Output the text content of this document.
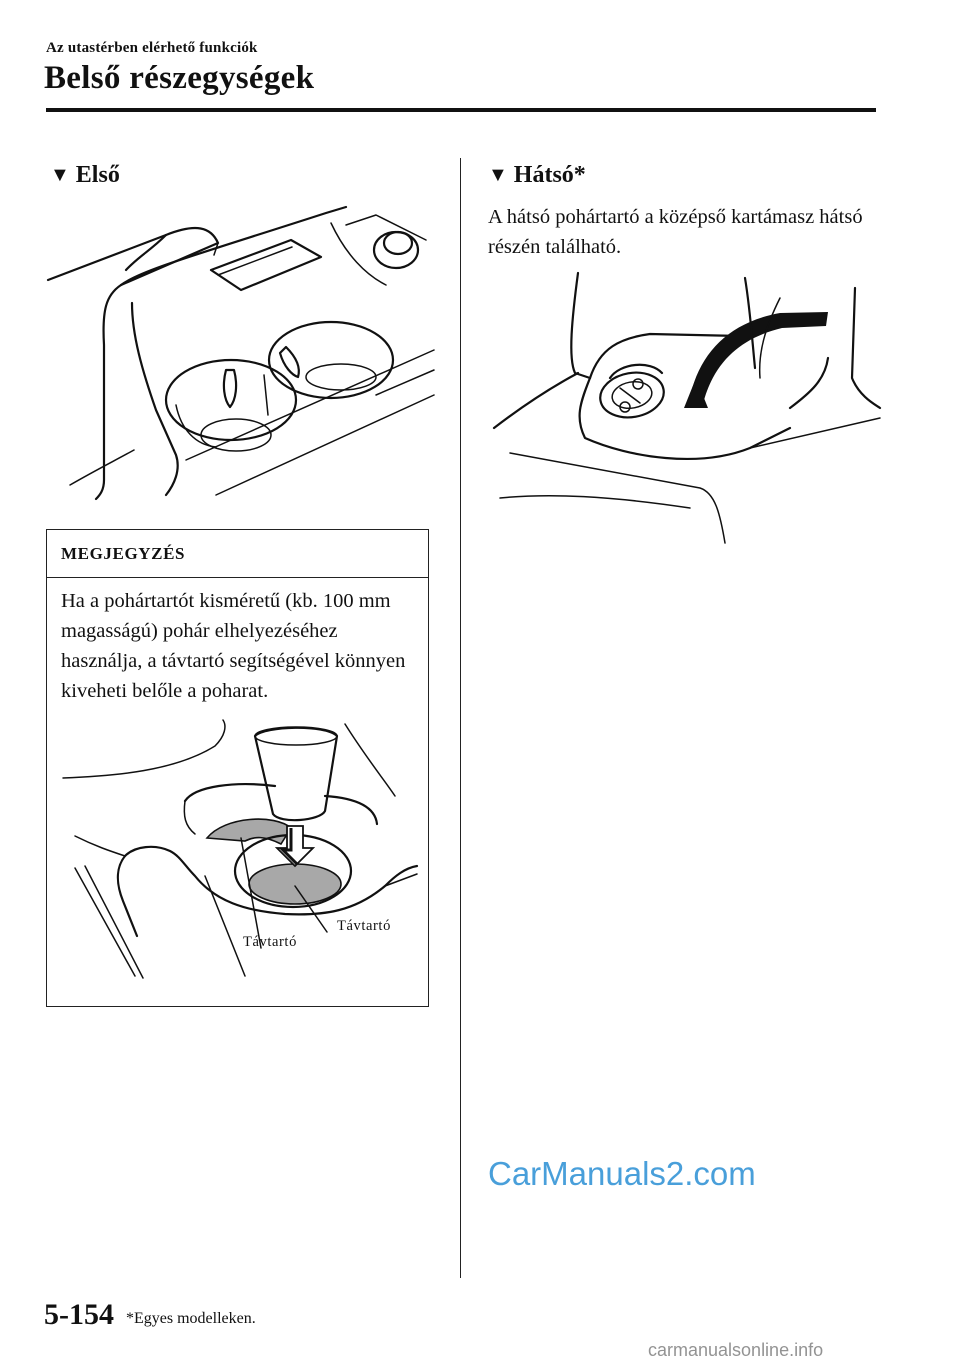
Az utastérben elérhető funkciók
Belső részegységek
▼ Első
MEGJEGYZÉS
Ha a pohártartót kisméretű (kb. 100 mm magasságú) pohár elhelyezéséhez használja, a távtartó segítségével könnyen kiveheti belőle a poharat.
Távtartó
Távtartó
▼ Hátsó*
A hátsó pohártartó a középső kartámasz hátsó részén található.
5-154 *Egyes modelleken.
CarManuals2.com
carmanualsonline.info
